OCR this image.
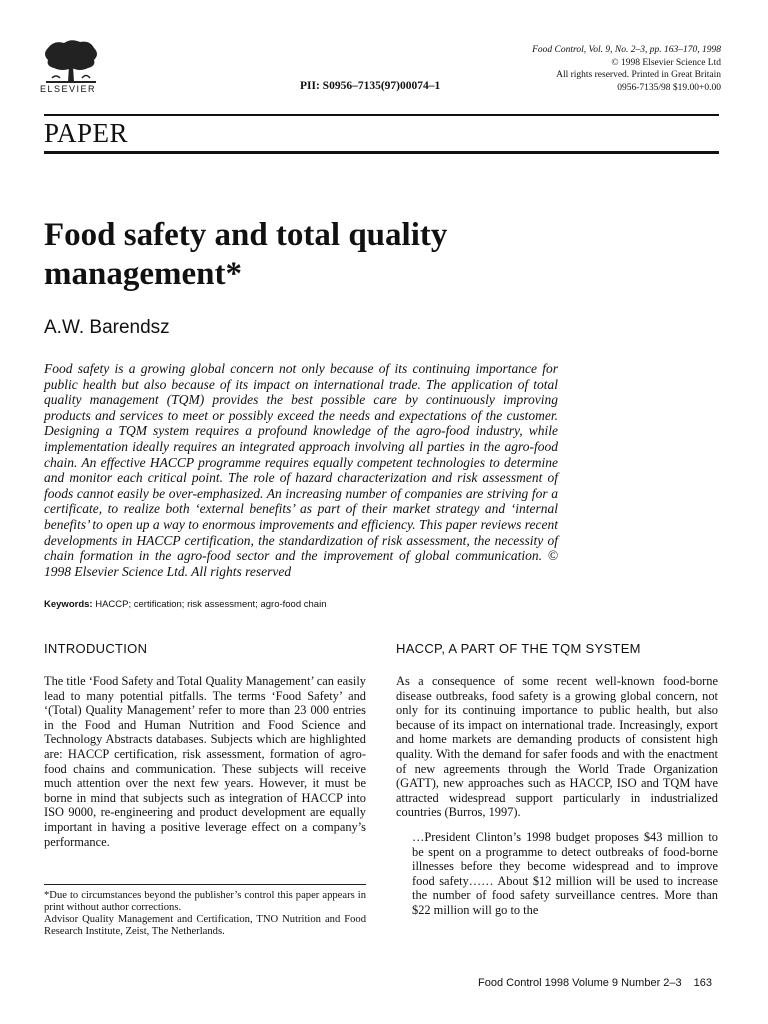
ELSEVIER	PII: S0956–7135(97)00074–1
Food Control, Vol. 9, No. 2–3, pp. 163–170, 1998
© 1998 Elsevier Science Ltd
All rights reserved. Printed in Great Britain
0956-7135/98 $19.00+0.00
PAPER
Food safety and total quality management*
A.W. Barendsz
Food safety is a growing global concern not only because of its continuing importance for public health but also because of its impact on international trade. The application of total quality management (TQM) provides the best possible care by continuously improving products and services to meet or possibly exceed the needs and expectations of the customer. Designing a TQM system requires a profound knowledge of the agro-food industry, while implementation ideally requires an integrated approach involving all parties in the agro-food chain. An effective HACCP programme requires equally competent technologies to determine and monitor each critical point. The role of hazard characterization and risk assessment of foods cannot easily be over-emphasized. An increasing number of companies are striving for a certificate, to realize both ‘external benefits’ as part of their market strategy and ‘internal benefits’ to open up a way to enormous improvements and efficiency. This paper reviews recent developments in HACCP certification, the standardization of risk assessment, the necessity of chain formation in the agro-food sector and the improvement of global communication. © 1998 Elsevier Science Ltd. All rights reserved
Keywords: HACCP; certification; risk assessment; agro-food chain
INTRODUCTION

The title ‘Food Safety and Total Quality Management’ can easily lead to many potential pitfalls. The terms ‘Food Safety’ and ‘(Total) Quality Management’ refer to more than 23 000 entries in the Food and Human Nutrition and Food Science and Technology Abstracts databases. Subjects which are highlighted are: HACCP certification, risk assessment, formation of agro-food chains and communication. These subjects will receive much attention over the next few years. However, it must be borne in mind that subjects such as integration of HACCP into ISO 9000, re-engineering and product development are equally important in having a positive leverage effect on a company’s performance.

*Due to circumstances beyond the publisher’s control this paper appears in print without author corrections.
Advisor Quality Management and Certification, TNO Nutrition and Food Research Institute, Zeist, The Netherlands.
HACCP, A PART OF THE TQM SYSTEM

As a consequence of some recent well-known food-borne disease outbreaks, food safety is a growing global concern, not only for its continuing importance to public health, but also because of its impact on international trade. Increasingly, export and home markets are demanding products of consistent high quality. With the demand for safer foods and with the enactment of new agreements through the World Trade Organization (GATT), new approaches such as HACCP, ISO and TQM have attracted widespread support particularly in industrialized countries (Burros, 1997).

…President Clinton’s 1998 budget proposes $43 million to be spent on a programme to detect outbreaks of food-borne illnesses before they become widespread and to improve food safety…… About $12 million will be used to increase the number of food safety surveillance centres. More than $22 million will go to the

Food Control 1998 Volume 9 Number 2–3 163
